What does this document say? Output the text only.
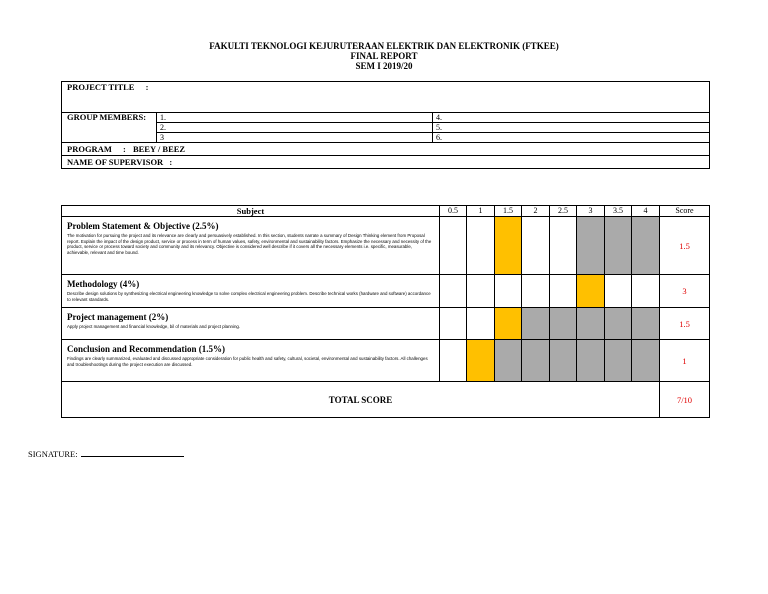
FAKULTI TEKNOLOGI KEJURUTERAAN ELEKTRIK DAN ELEKTRONIK (FTKEE)
FINAL REPORT
SEM I 2019/20
PROJECT TITLE :		
GROUP MEMBERS:	1.	4.
	2.	5.
	3	6.
PROGRAM : BEEY / BEEZ		
NAME OF SUPERVISOR :		
Subject	0.5	1	1.5	2	2.5	3	3.5	4	Score

Problem Statement & Objective (2.5%)
The motivation for pursuing the project and its relevance are clearly and persuasively established. In this section, students narrate a summary of Design Thinking element from Proposal report. Explain the impact of the design product, service or process in term of human values, safety, environmental and sustainability factors. Emphasize the necessary and necessity of the product, service or process toward society and community and its relevancy. Objective is considered well describe if it covers all the necessary elements i.e. specific, measurable, achievable, relevant and time bound.									1.5

Methodology (4%)
Describe design solutions by synthesizing electrical engineering knowledge to solve complex electrical engineering problem. Describe technical works (hardware and software) accordance to relevant standards.									3

Project management (2%)
Apply project management and financial knowledge, bil of materials and project planning.									1.5

Conclusion and Recommendation (1.5%)
Findings are clearly summarized, evaluated and discussed appropriate consideration for public health and safety, cultural, societal, environmental and sustainability factors. All challenges and troubleshootings during the project execution are discussed.									1
TOTAL SCORE									7/10
SIGNATURE:
